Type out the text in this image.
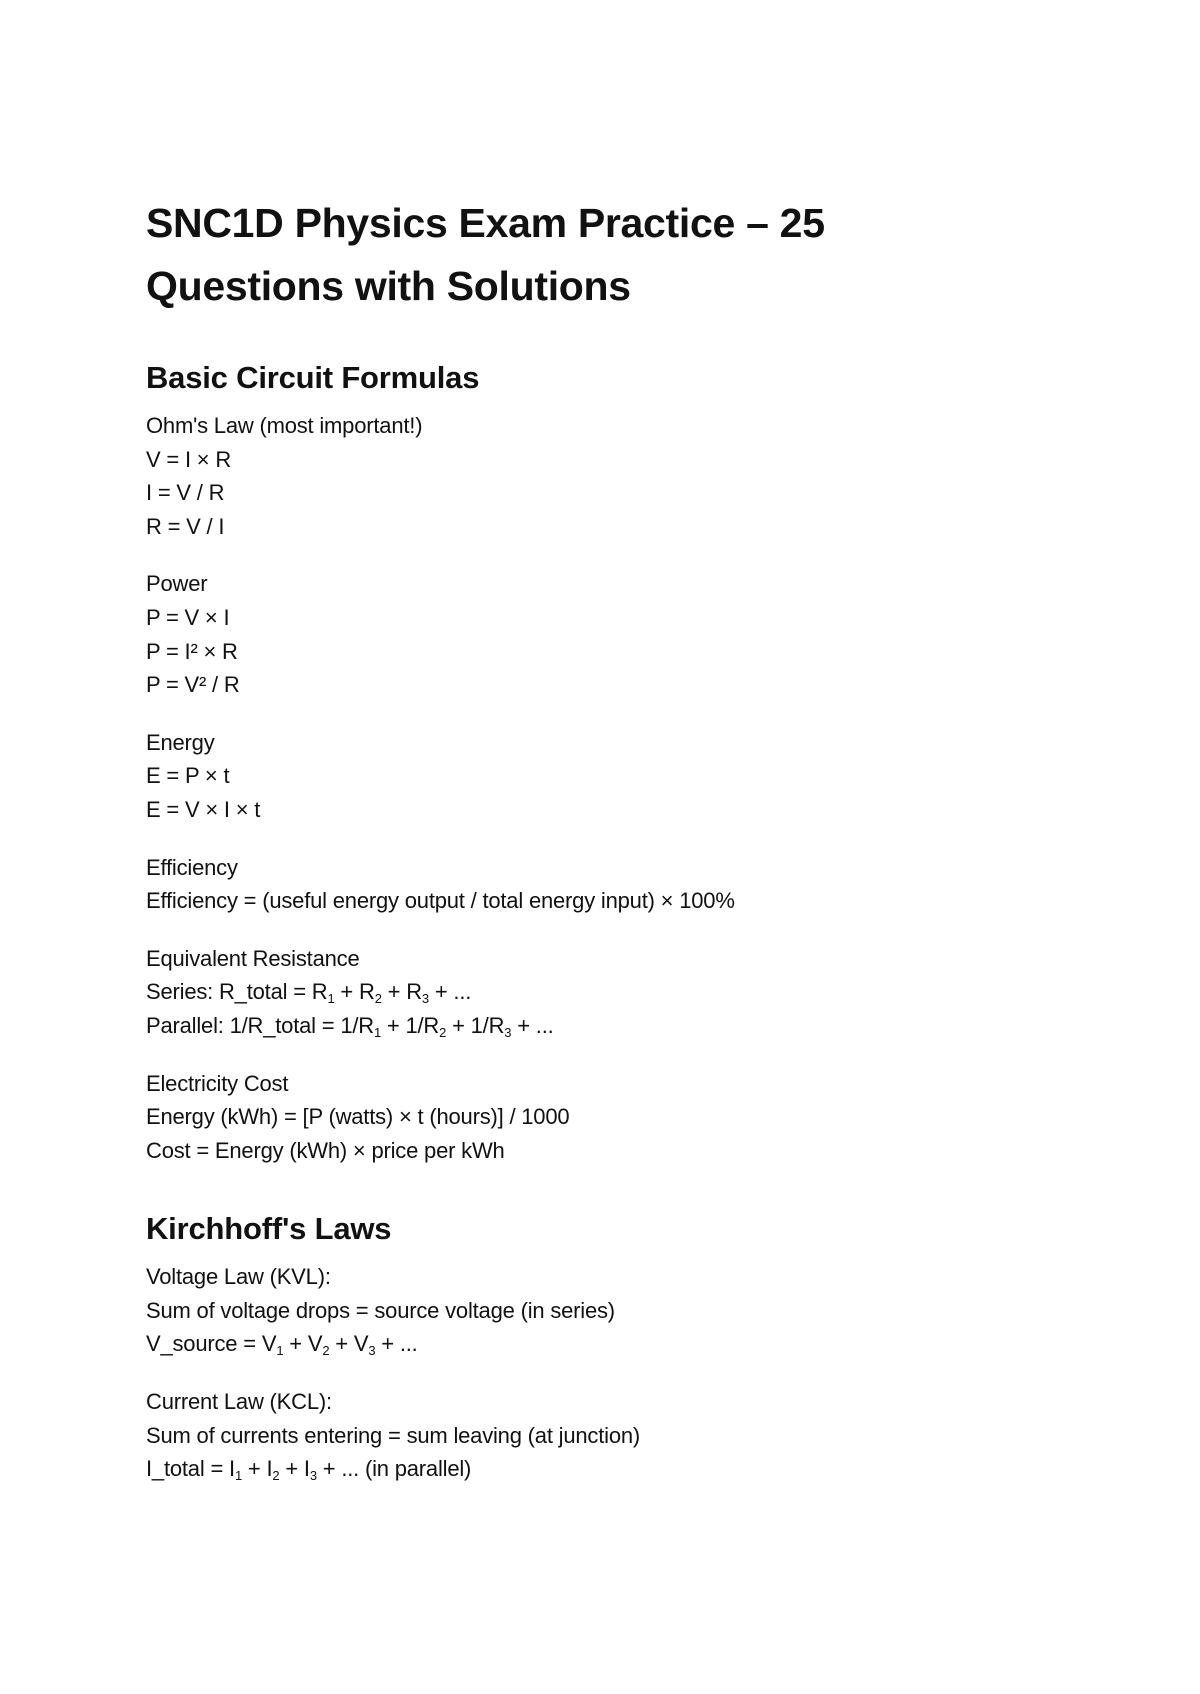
SNC1D Physics Exam Practice – 25
Questions with Solutions
Basic Circuit Formulas
Ohm's Law (most important!)
V = I × R
I = V / R
R = V / I
Power
P = V × I
P = I² × R
P = V² / R
Energy
E = P × t
E = V × I × t
Efficiency
Efficiency = (useful energy output / total energy input) × 100%
Equivalent Resistance
Series: R_total = $R_1 + R_2 + R_3$ + ...
Parallel: 1/R_total = $1/R_1 + 1/R_2 + 1/R_3$ + ...
Electricity Cost
Energy (kWh) = [P (watts) × t (hours)] / 1000
Cost = Energy (kWh) × price per kWh
Kirchhoff's Laws
Voltage Law (KVL):
Sum of voltage drops = source voltage (in series)
V_source = $V_1 + V_2 + V_3$ + ...
Current Law (KCL):
Sum of currents entering = sum leaving (at junction)
I_total = $I_1 + I_2 + I_3$ + ... (in parallel)
